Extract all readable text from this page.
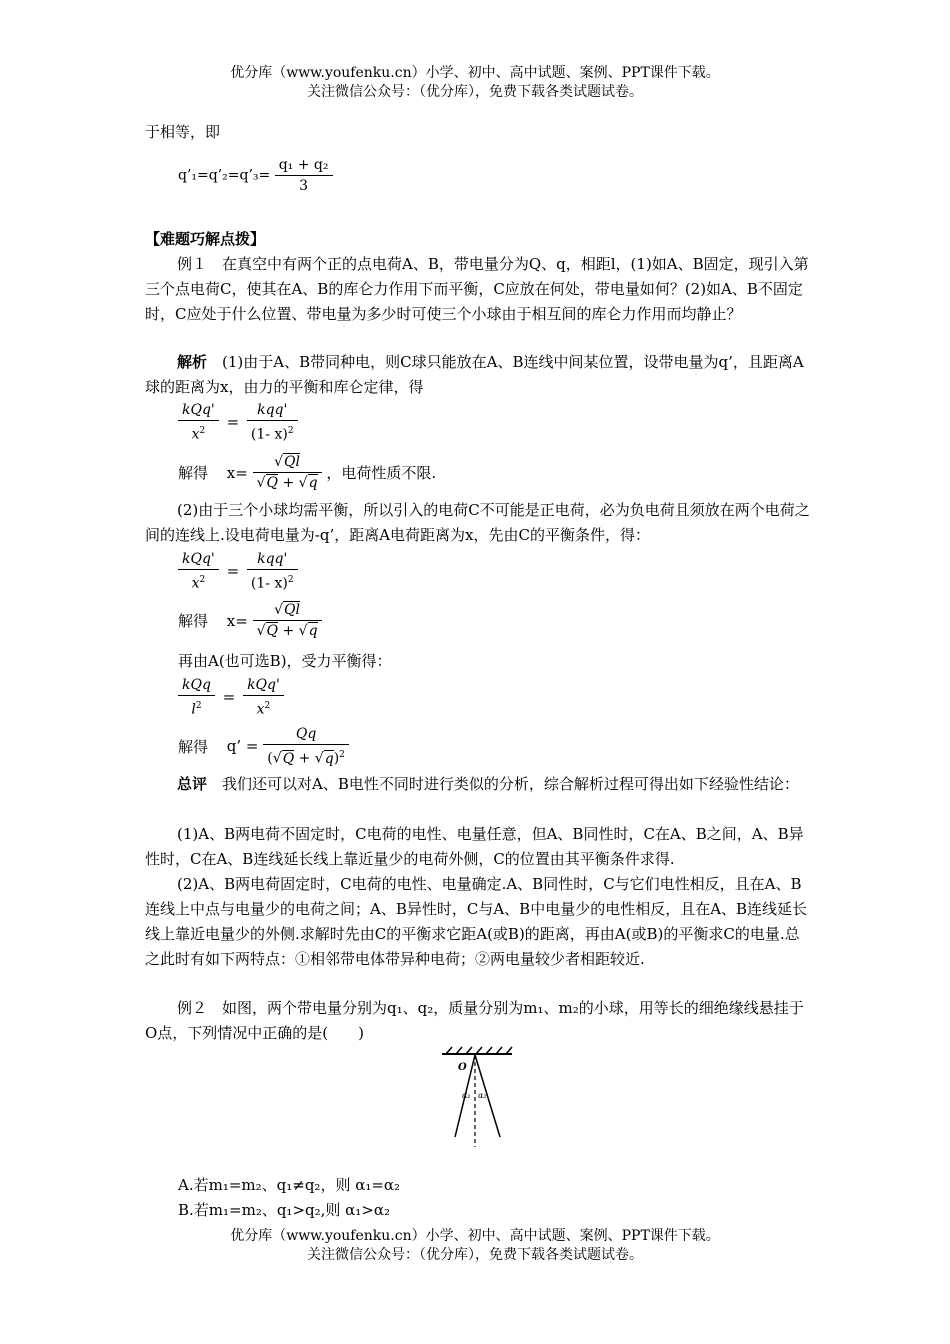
优分库（www.youfenku.cn）小学、初中、高中试题、案例、PPT课件下载。
关注微信公众号：（优分库），免费下载各类试题试卷。
于相等，即
q’₁=q’₂=q’₃= $\frac{\text{q₁ + q₂}}{3}$
【难题巧解点拨】
例１　在真空中有两个正的点电荷A、B，带电量分为Q、q，相距l，(1)如A、B固定，现引入第三个点电荷C，使其在A、B的库仑力作用下而平衡，C应放在何处，带电量如何？(2)如A、B不固定时，C应处于什么位置、带电量为多少时可使三个小球由于相互间的库仑力作用而均静止？
解析　 (1)由于A、B带同种电，则C球只能放在A、B连线中间某位置，设带电量为q’，且距离A球的距离为x，由力的平衡和库仑定律，得
$\frac{\text{kQq'}}{x^2} = \frac{\text{kqq'}}{(1- x)^2}$
解得 $x= \frac{√Ql}{√Q + √q}$ ，电荷性质不限.
(2)由于三个小球均需平衡，所以引入的电荷C不可能是正电荷，必为负电荷且须放在两个电荷之间的连线上.设电荷电量为-q’，距离A电荷距离为x，先由C的平衡条件，得：
$\frac{\text{kQq'}}{x^2} = \frac{\text{kqq'}}{(1- x)^2}$
解得 $x= \frac{√Ql}{√Q + √q}$
再由A(也可选B)，受力平衡得：
$\frac{\text{kQq}}{l^2} = \frac{\text{kQq'}}{x^2}$
解得 q’ = $\frac{Qq}{(√Q + √q)^2}$
总评　 我们还可以对A、B电性不同时进行类似的分析，综合解析过程可得出如下经验性结论：
(1)A、B两电荷不固定时，C电荷的电性、电量任意，但A、B同性时，C在A、B之间，A、B异性时，C在A、B连线延长线上靠近量少的电荷外侧，C的位置由其平衡条件求得.
(2)A、B两电荷固定时，C电荷的电性、电量确定.A、B同性时，C与它们电性相反，且在A、B连线上中点与电量少的电荷之间；A、B异性时，C与A、B中电量少的电性相反，且在A、B连线延长线上靠近电量少的外侧.求解时先由C的平衡求它距A(或B)的距离，再由A(或B)的平衡求C的电量.总之此时有如下两特点：①相邻带电体带异种电荷；②两电量较少者相距较近.
例２　如图，两个带电量分别为q₁、q₂，质量分别为m₁、m₂的小球，用等长的细绝缘线悬挂于O点，下列情况中正确的是(　　)
O
α₁ α₂
A.若m₁=m₂、q₁≠q₂，则 α₁=α₂
B.若m₁=m₂、q₁>q₂,则 α₁>α₂
优分库（www.youfenku.cn）小学、初中、高中试题、案例、PPT课件下载。
关注微信公众号：（优分库），免费下载各类试题试卷。
